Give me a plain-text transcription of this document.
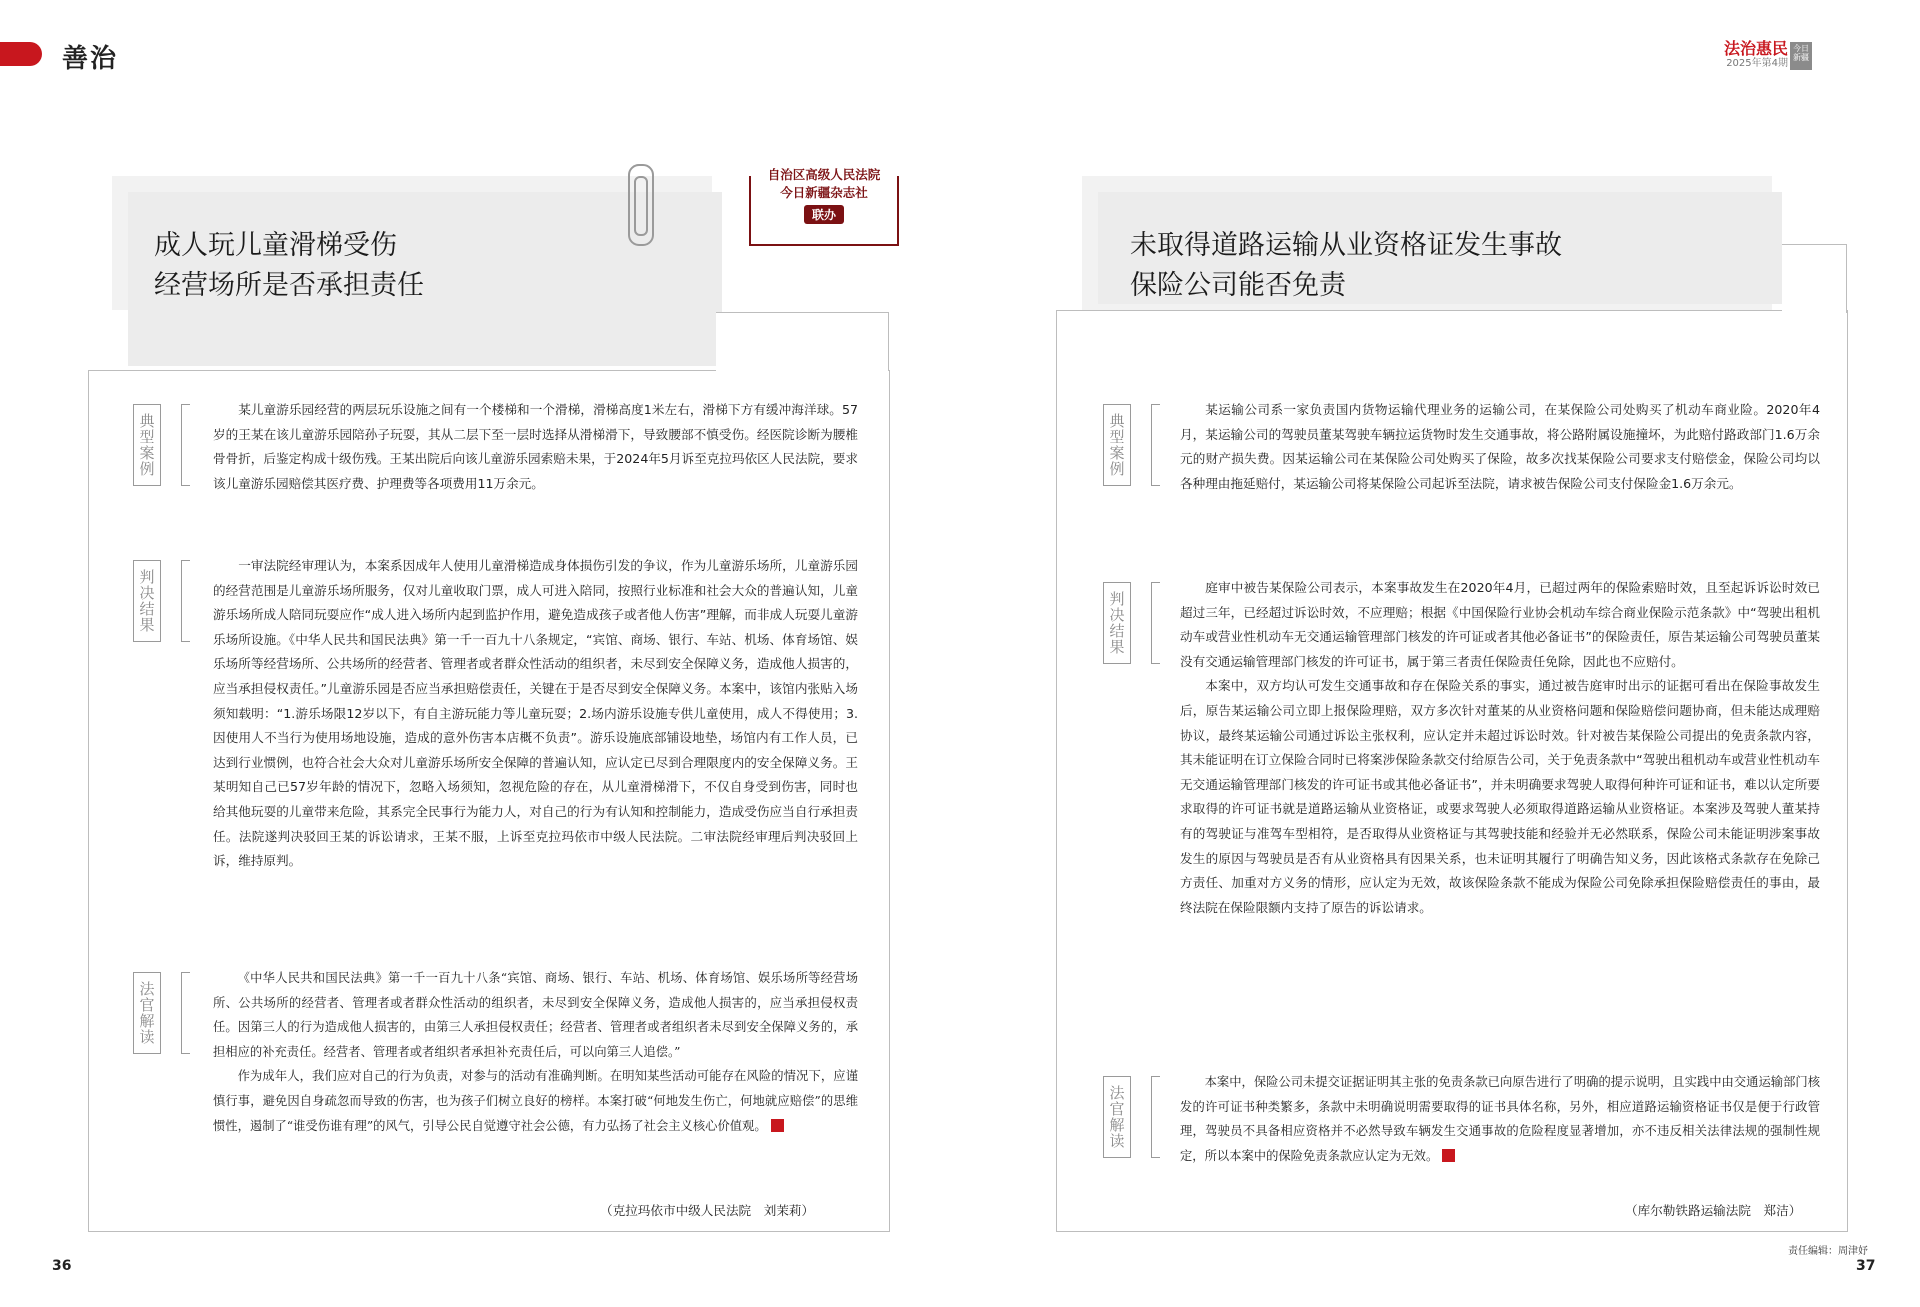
善治	法治惠民
2025年第4期
今日新疆
成人玩儿童滑梯受伤
经营场所是否承担责任
自治区高级人民法院
今日新疆杂志社
联办
典型案例
判决结果
法官解读

某儿童游乐园经营的两层玩乐设施之间有一个楼梯和一个滑梯，滑梯高度1米左右，滑梯下方有缓冲海洋球。57岁的王某在该儿童游乐园陪孙子玩耍，其从二层下至一层时选择从滑梯滑下，导致腰部不慎受伤。经医院诊断为腰椎骨骨折，后鉴定构成十级伤残。王某出院后向该儿童游乐园索赔未果，于2024年5月诉至克拉玛依区人民法院，要求该儿童游乐园赔偿其医疗费、护理费等各项费用11万余元。

一审法院经审理认为，本案系因成年人使用儿童滑梯造成身体损伤引发的争议，作为儿童游乐场所，儿童游乐园的经营范围是儿童游乐场所服务，仅对儿童收取门票，成人可进入陪同，按照行业标准和社会大众的普遍认知，儿童游乐场所成人陪同玩耍应作“成人进入场所内起到监护作用，避免造成孩子或者他人伤害”理解，而非成人玩耍儿童游乐场所设施。《中华人民共和国民法典》第一千一百九十八条规定，“宾馆、商场、银行、车站、机场、体育场馆、娱乐场所等经营场所、公共场所的经营者、管理者或者群众性活动的组织者，未尽到安全保障义务，造成他人损害的，应当承担侵权责任。”儿童游乐园是否应当承担赔偿责任，关键在于是否尽到安全保障义务。本案中，该馆内张贴入场须知载明：“1.游乐场限12岁以下，有自主游玩能力等儿童玩耍；2.场内游乐设施专供儿童使用，成人不得使用；3.因使用人不当行为使用场地设施，造成的意外伤害本店概不负责”。游乐设施底部铺设地垫，场馆内有工作人员，已达到行业惯例，也符合社会大众对儿童游乐场所安全保障的普遍认知，应认定已尽到合理限度内的安全保障义务。王某明知自己已57岁年龄的情况下，忽略入场须知，忽视危险的存在，从儿童滑梯滑下，不仅自身受到伤害，同时也给其他玩耍的儿童带来危险，其系完全民事行为能力人，对自己的行为有认知和控制能力，造成受伤应当自行承担责任。法院遂判决驳回王某的诉讼请求，王某不服，上诉至克拉玛依市中级人民法院。二审法院经审理后判决驳回上诉，维持原判。

《中华人民共和国民法典》第一千一百九十八条“宾馆、商场、银行、车站、机场、体育场馆、娱乐场所等经营场所、公共场所的经营者、管理者或者群众性活动的组织者，未尽到安全保障义务，造成他人损害的，应当承担侵权责任。因第三人的行为造成他人损害的，由第三人承担侵权责任；经营者、管理者或者组织者未尽到安全保障义务的，承担相应的补充责任。经营者、管理者或者组织者承担补充责任后，可以向第三人追偿。”

作为成年人，我们应对自己的行为负责，对参与的活动有准确判断。在明知某些活动可能存在风险的情况下，应谨慎行事，避免因自身疏忽而导致的伤害，也为孩子们树立良好的榜样。本案打破“何地发生伤亡，何地就应赔偿”的思维惯性，遏制了“谁受伤谁有理”的风气，引导公民自觉遵守社会公德，有力弘扬了社会主义核心价值观。

（克拉玛依市中级人民法院　刘茉莉）
未取得道路运输从业资格证发生事故
保险公司能否免责
典型案例
判决结果
法官解读

某运输公司系一家负责国内货物运输代理业务的运输公司，在某保险公司处购买了机动车商业险。2020年4月，某运输公司的驾驶员董某驾驶车辆拉运货物时发生交通事故，将公路附属设施撞坏，为此赔付路政部门1.6万余元的财产损失费。因某运输公司在某保险公司处购买了保险，故多次找某保险公司要求支付赔偿金，保险公司均以各种理由拖延赔付，某运输公司将某保险公司起诉至法院，请求被告保险公司支付保险金1.6万余元。

庭审中被告某保险公司表示，本案事故发生在2020年4月，已超过两年的保险索赔时效，且至起诉诉讼时效已超过三年，已经超过诉讼时效，不应理赔；根据《中国保险行业协会机动车综合商业保险示范条款》中“驾驶出租机动车或营业性机动车无交通运输管理部门核发的许可证或者其他必备证书”的保险责任，原告某运输公司驾驶员董某没有交通运输管理部门核发的许可证书，属于第三者责任保险责任免除，因此也不应赔付。

本案中，双方均认可发生交通事故和存在保险关系的事实，通过被告庭审时出示的证据可看出在保险事故发生后，原告某运输公司立即上报保险理赔，双方多次针对董某的从业资格问题和保险赔偿问题协商，但未能达成理赔协议，最终某运输公司通过诉讼主张权利，应认定并未超过诉讼时效。针对被告某保险公司提出的免责条款内容，其未能证明在订立保险合同时已将案涉保险条款交付给原告公司，关于免责条款中“驾驶出租机动车或营业性机动车无交通运输管理部门核发的许可证书或其他必备证书”，并未明确要求驾驶人取得何种许可证和证书，难以认定所要求取得的许可证书就是道路运输从业资格证，或要求驾驶人必须取得道路运输从业资格证。本案涉及驾驶人董某持有的驾驶证与准驾车型相符，是否取得从业资格证与其驾驶技能和经验并无必然联系，保险公司未能证明涉案事故发生的原因与驾驶员是否有从业资格具有因果关系，也未证明其履行了明确告知义务，因此该格式条款存在免除己方责任、加重对方义务的情形，应认定为无效，故该保险条款不能成为保险公司免除承担保险赔偿责任的事由，最终法院在保险限额内支持了原告的诉讼请求。

本案中，保险公司未提交证据证明其主张的免责条款已向原告进行了明确的提示说明，且实践中由交通运输部门核发的许可证书种类繁多，条款中未明确说明需要取得的证书具体名称，另外，相应道路运输资格证书仅是便于行政管理，驾驶员不具备相应资格并不必然导致车辆发生交通事故的危险程度显著增加，亦不违反相关法律法规的强制性规定，所以本案中的保险免责条款应认定为无效。

（库尔勒铁路运输法院　郑洁）
36
责任编辑：周津妤
37
